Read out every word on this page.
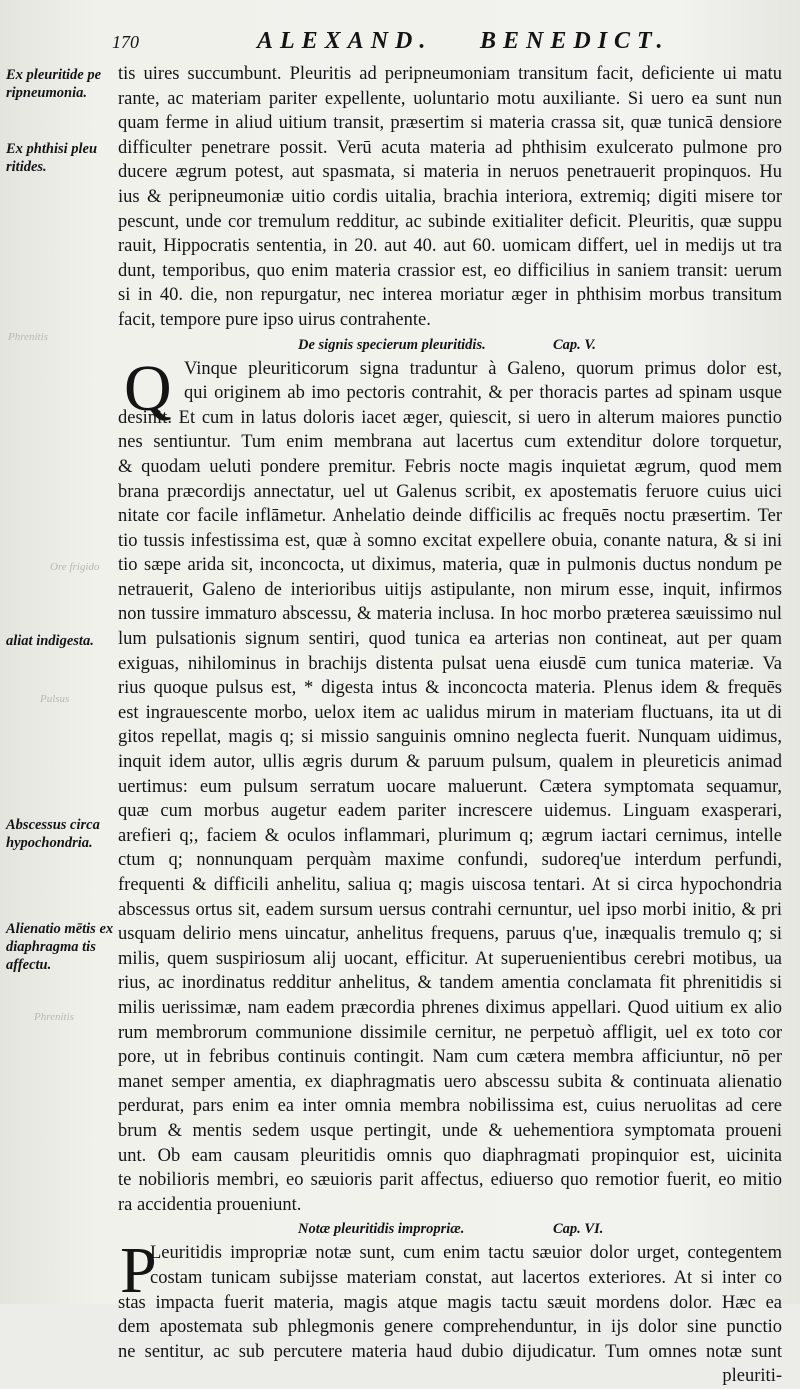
170	ALEXAND. BENEDICT.
Ex pleuritide pe ripneumonia.
Ex phthisi pleu ritides.
aliat indigesta.
Abscessus circa hypochondria.
Alienatio mētis ex diaphragma tis affectu.
Phrenitis
Ore frigido
Pulsus
Phrenitis
tis uires succumbunt. Pleuritis ad peripneumoniam transitum facit, deficiente ui matu
rante, ac materiam pariter expellente, uoluntario motu auxiliante. Si uero ea sunt nun
quam ferme in aliud uitium transit, præsertim si materia crassa sit, quæ tunicā densiore
difficulter penetrare possit. Verū acuta materia ad phthisim exulcerato pulmone pro
ducere ægrum potest, aut spasmata, si materia in neruos penetrauerit propinquos. Hu
ius & peripneumoniæ uitio cordis uitalia, brachia interiora, extremiq; digiti misere tor
pescunt, unde cor tremulum redditur, ac subinde exitialiter deficit. Pleuritis, quæ suppu
rauit, Hippocratis sententia, in 20. aut 40. aut 60. uomicam differt, uel in medijs ut tra
dunt, temporibus, quo enim materia crassior est, eo difficilius in saniem transit: uerum
si in 40. die, non repurgatur, nec interea moriatur æger in phthisim morbus transitum
facit, tempore pure ipso uirus contrahente.
De signis specierum pleuritidis.	Cap. V.
Q Vinque pleuriticorum signa traduntur à Galeno, quorum primus dolor est,
qui originem ab imo pectoris contrahit, & per thoracis partes ad spinam usque
desinit. Et cum in latus doloris iacet æger, quiescit, si uero in alterum maiores punctio
nes sentiuntur. Tum enim membrana aut lacertus cum extenditur dolore torquetur,
& quodam ueluti pondere premitur. Febris nocte magis inquietat ægrum, quod mem
brana præcordijs annectatur, uel ut Galenus scribit, ex apostematis feruore cuius uici
nitate cor facile inflāmetur. Anhelatio deinde difficilis ac frequēs noctu præsertim. Ter
tio tussis infestissima est, quæ à somno excitat expellere obuia, conante natura, & si ini
tio sæpe arida sit, inconcocta, ut diximus, materia, quæ in pulmonis ductus nondum pe
netrauerit, Galeno de interioribus uitijs astipulante, non mirum esse, inquit, infirmos
non tussire immaturo abscessu, & materia inclusa. In hoc morbo præterea sæuissimo nul
lum pulsationis signum sentiri, quod tunica ea arterias non contineat, aut per quam
exiguas, nihilominus in brachijs distenta pulsat uena eiusdē cum tunica materiæ. Va
rius quoque pulsus est, * digesta intus & inconcocta materia. Plenus idem & frequēs
est ingrauescente morbo, uelox item ac ualidus mirum in materiam fluctuans, ita ut di
gitos repellat, magis q; si missio sanguinis omnino neglecta fuerit. Nunquam uidimus,
inquit idem autor, ullis ægris durum & paruum pulsum, qualem in pleureticis animad
uertimus: eum pulsum serratum uocare maluerunt. Cætera symptomata sequamur,
quæ cum morbus augetur eadem pariter increscere uidemus. Linguam exasperari,
arefieri q;, faciem & oculos inflammari, plurimum q; ægrum iactari cernimus, intelle
ctum q; nonnunquam perquàm maxime confundi, sudoreq'ue interdum perfundi,
frequenti & difficili anhelitu, saliua q; magis uiscosa tentari. At si circa hypochondria
abscessus ortus sit, eadem sursum uersus contrahi cernuntur, uel ipso morbi initio, & pri
usquam delirio mens uincatur, anhelitus frequens, paruus q'ue, inæqualis tremulo q; si
milis, quem suspiriosum alij uocant, efficitur. At superuenientibus cerebri motibus, ua
rius, ac inordinatus redditur anhelitus, & tandem amentia conclamata fit phrenitidis si
milis uerissimæ, nam eadem præcordia phrenes diximus appellari. Quod uitium ex alio
rum membrorum communione dissimile cernitur, ne perpetuò affligit, uel ex toto cor
pore, ut in febribus continuis contingit. Nam cum cætera membra afficiuntur, nō per
manet semper amentia, ex diaphragmatis uero abscessu subita & continuata alienatio
perdurat, pars enim ea inter omnia membra nobilissima est, cuius neruolitas ad cere
brum & mentis sedem usque pertingit, unde & uehementiora symptomata proueni
unt. Ob eam causam pleuritidis omnis quo diaphragmati propinquior est, uicinita
te nobilioris membri, eo sæuioris parit affectus, ediuerso quo remotior fuerit, eo mitio
ra accidentia proueniunt.
Notæ pleuritidis impropriæ.	Cap. VI.
P
Leuritidis impropriæ notæ sunt, cum enim tactu sæuior dolor urget, contegentem
costam tunicam subijsse materiam constat, aut lacertos exteriores. At si inter co
stas impacta fuerit materia, magis atque magis tactu sæuit mordens dolor. Hæc ea
dem apostemata sub phlegmonis genere comprehenduntur, in ijs dolor sine punctio
ne sentitur, ac sub percutere materia haud dubio dijudicatur. Tum omnes notæ sunt
pleuriti-
